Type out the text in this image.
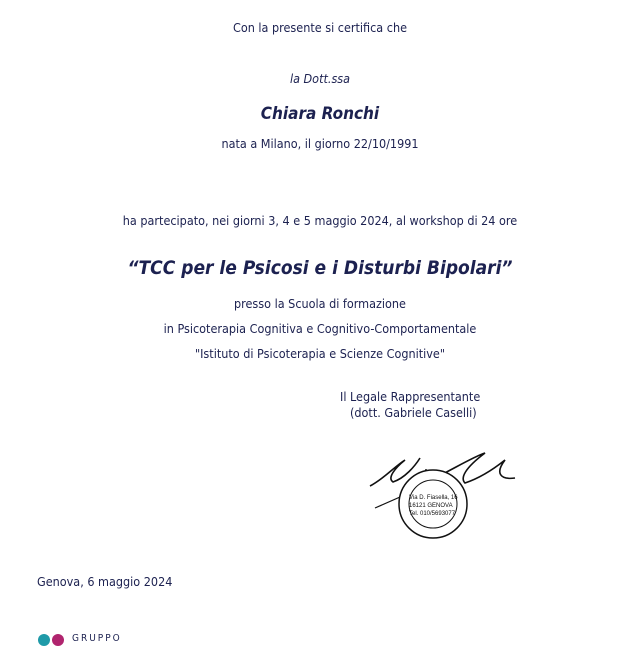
Con la presente si certifica che
la Dott.ssa
Chiara Ronchi
nata a Milano, il giorno 22/10/1991
ha partecipato, nei giorni 3, 4 e 5 maggio 2024, al workshop di 24 ore
“TCC per le Psicosi e i Disturbi Bipolari”
presso la Scuola di formazione
in Psicoterapia Cognitiva e Cognitivo-Comportamentale
"Istituto di Psicoterapia e Scienze Cognitive"
Il Legale Rappresentante
(dott. Gabriele Caselli)
Via D. Fiasella, 16
16121 GENOVA
Tel. 010/5693077
Genova, 6 maggio 2024
GRUPPO
